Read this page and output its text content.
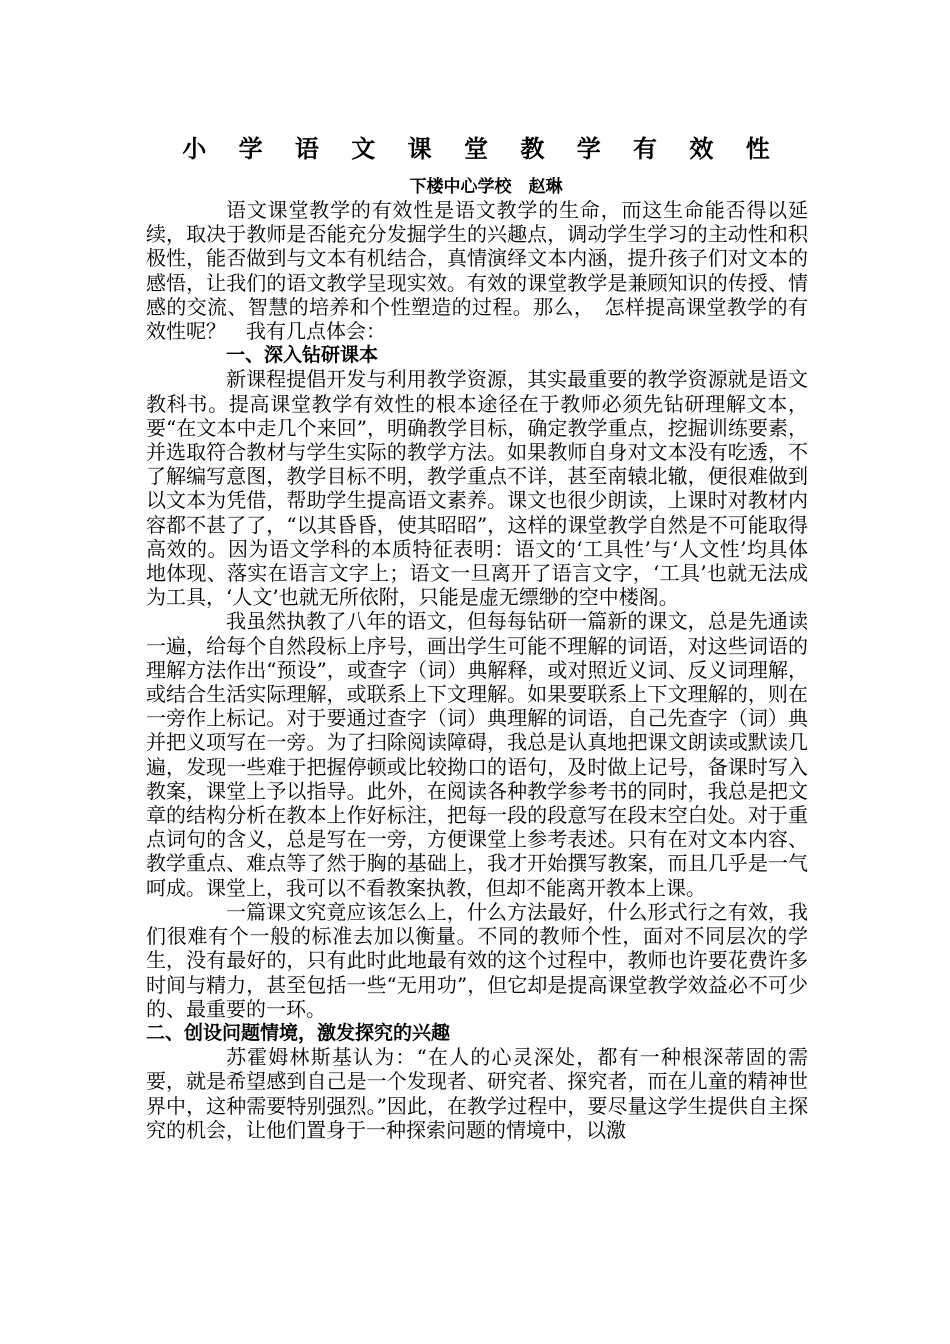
小 学 语 文 课 堂 教 学 有 效 性
下楼中心学校　赵琳

语文课堂教学的有效性是语文教学的生命，而这生命能否得以延续，取决于教师是否能充分发掘学生的兴趣点，调动学生学习的主动性和积极性，能否做到与文本有机结合，真情演绎文本内涵，提升孩子们对文本的感悟，让我们的语文教学呈现实效。有效的课堂教学是兼顾知识的传授、情感的交流、智慧的培养和个性塑造的过程。那么，　怎样提高课堂教学的有效性呢？　我有几点体会：

一、深入钻研课本

新课程提倡开发与利用教学资源，其实最重要的教学资源就是语文教科书。提高课堂教学有效性的根本途径在于教师必须先钻研理解文本，要“在文本中走几个来回”，明确教学目标，确定教学重点，挖掘训练要素，并选取符合教材与学生实际的教学方法。如果教师自身对文本没有吃透，不了解编写意图，教学目标不明，教学重点不详，甚至南辕北辙，便很难做到以文本为凭借，帮助学生提高语文素养。课文也很少朗读，上课时对教材内容都不甚了了，“以其昏昏，使其昭昭”，这样的课堂教学自然是不可能取得高效的。因为语文学科的本质特征表明：语文的‘工具性’与‘人文性’均具体地体现、落实在语言文字上；语文一旦离开了语言文字，‘工具’也就无法成为工具，‘人文’也就无所依附，只能是虚无缥缈的空中楼阁。

我虽然执教了八年的语文，但每每钻研一篇新的课文，总是先通读一遍，给每个自然段标上序号，画出学生可能不理解的词语，对这些词语的理解方法作出“预设”，或查字（词）典解释，或对照近义词、反义词理解，或结合生活实际理解，或联系上下文理解。如果要联系上下文理解的，则在一旁作上标记。对于要通过查字（词）典理解的词语，自己先查字（词）典并把义项写在一旁。为了扫除阅读障碍，我总是认真地把课文朗读或默读几遍，发现一些难于把握停顿或比较拗口的语句，及时做上记号，备课时写入教案，课堂上予以指导。此外，在阅读各种教学参考书的同时，我总是把文章的结构分析在教本上作好标注，把每一段的段意写在段末空白处。对于重点词句的含义，总是写在一旁，方便课堂上参考表述。只有在对文本内容、教学重点、难点等了然于胸的基础上，我才开始撰写教案，而且几乎是一气呵成。课堂上，我可以不看教案执教，但却不能离开教本上课。

一篇课文究竟应该怎么上，什么方法最好，什么形式行之有效，我们很难有个一般的标准去加以衡量。不同的教师个性，面对不同层次的学生，没有最好的，只有此时此地最有效的这个过程中，教师也许要花费许多时间与精力，甚至包括一些“无用功”，但它却是提高课堂教学效益必不可少的、最重要的一环。

二、创设问题情境，激发探究的兴趣

苏霍姆林斯基认为：“在人的心灵深处，都有一种根深蒂固的需要，就是希望感到自己是一个发现者、研究者、探究者，而在儿童的精神世界中，这种需要特别强烈。”因此，在教学过程中，要尽量这学生提供自主探究的机会，让他们置身于一种探索问题的情境中，以激
